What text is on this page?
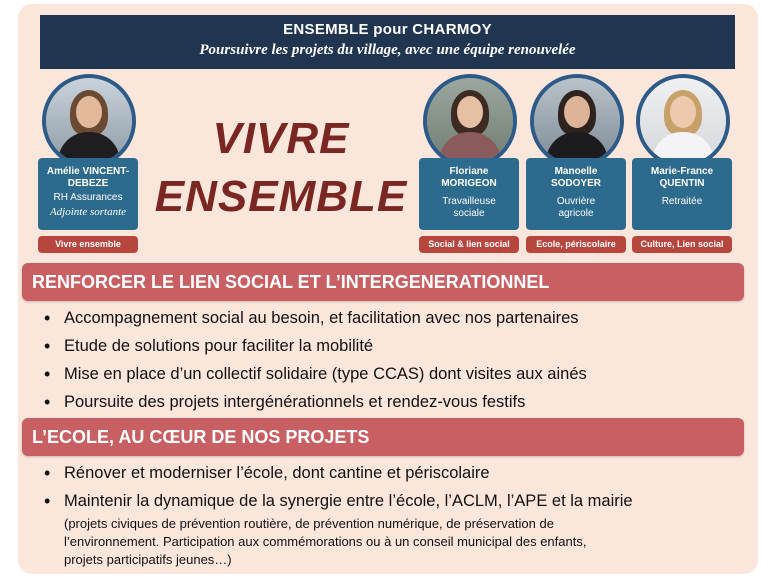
ENSEMBLE pour CHARMOY
Poursuivre les projets du village, avec une équipe renouvelée
Amélie VINCENT-
DEBEZE
RH Assurances
Adjointe sortante
Vivre ensemble
VIVRE
ENSEMBLE
Floriane
MORIGEON
Travailleuse
sociale
Social & lien social
Manoelle
SODOYER
Ouvrière
agricole
Ecole, périscolaire
Marie-France
QUENTIN
Retraitée
Culture, Lien social
RENFORCER LE LIEN SOCIAL ET L’INTERGENERATIONNEL
• Accompagnement social au besoin, et facilitation avec nos partenaires
• Etude de solutions pour faciliter la mobilité
• Mise en place d’un collectif solidaire (type CCAS) dont visites aux ainés
• Poursuite des projets intergénérationnels et rendez-vous festifs
L’ECOLE, AU CŒUR DE NOS PROJETS
• Rénover et moderniser l’école, dont cantine et périscolaire
• Maintenir la dynamique de la synergie entre l’école, l’ACLM, l’APE et la mairie
(projets civiques de prévention routière, de prévention numérique, de préservation de
l’environnement. Participation aux commémorations ou à un conseil municipal des enfants,
projets participatifs jeunes…)
